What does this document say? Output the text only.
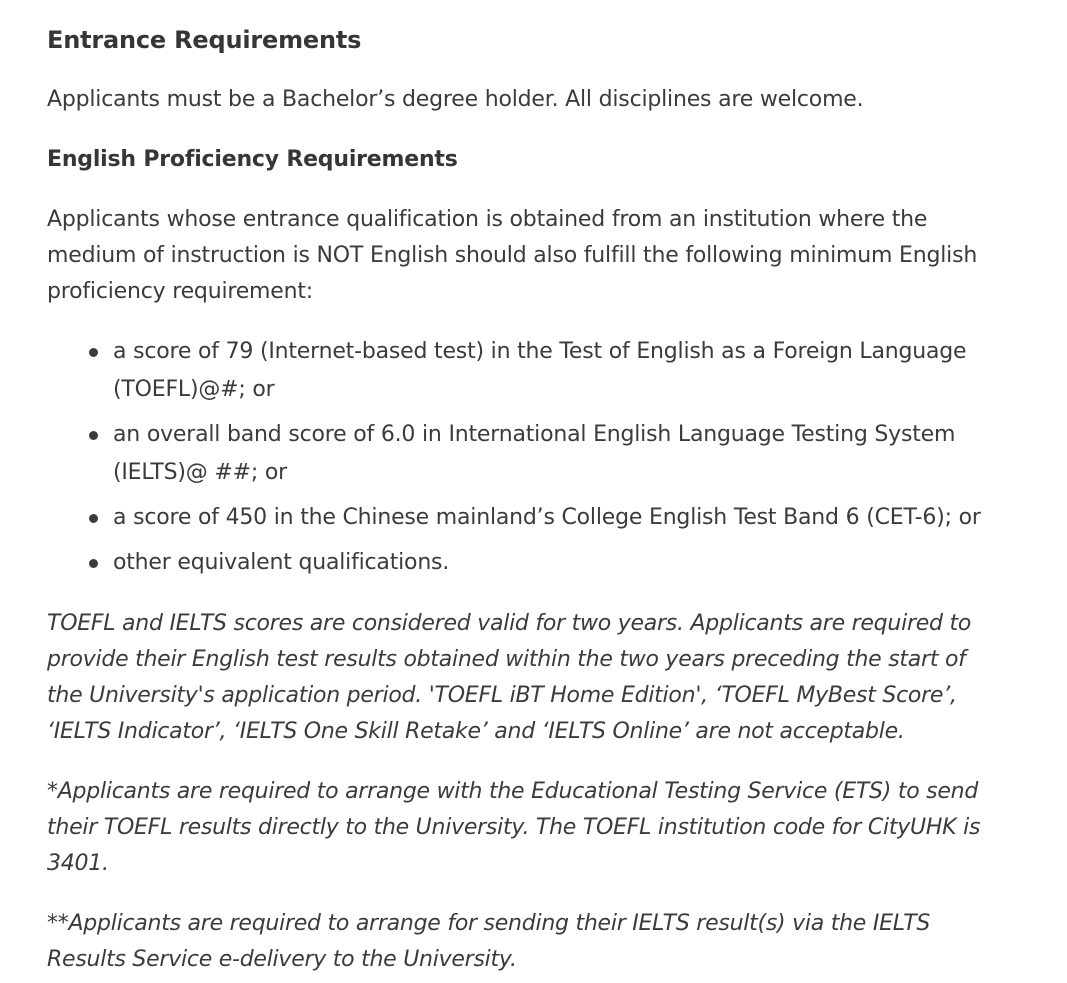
Entrance Requirements

Applicants must be a Bachelor’s degree holder. All disciplines are welcome.

English Proficiency Requirements

Applicants whose entrance qualification is obtained from an institution where the medium of instruction is NOT English should also fulfill the following minimum English proficiency requirement:

a score of 79 (Internet-based test) in the Test of English as a Foreign Language (TOEFL)@#; or
an overall band score of 6.0 in International English Language Testing System (IELTS)@ ##; or
a score of 450 in the Chinese mainland’s College English Test Band 6 (CET-6); or
other equivalent qualifications.

TOEFL and IELTS scores are considered valid for two years. Applicants are required to provide their English test results obtained within the two years preceding the start of the University's application period. 'TOEFL iBT Home Edition', ‘TOEFL MyBest Score’, ‘IELTS Indicator’, ‘IELTS One Skill Retake’ and ‘IELTS Online’ are not acceptable.

*Applicants are required to arrange with the Educational Testing Service (ETS) to send their TOEFL results directly to the University. The TOEFL institution code for CityUHK is 3401.

**Applicants are required to arrange for sending their IELTS result(s) via the IELTS Results Service e-delivery to the University.
